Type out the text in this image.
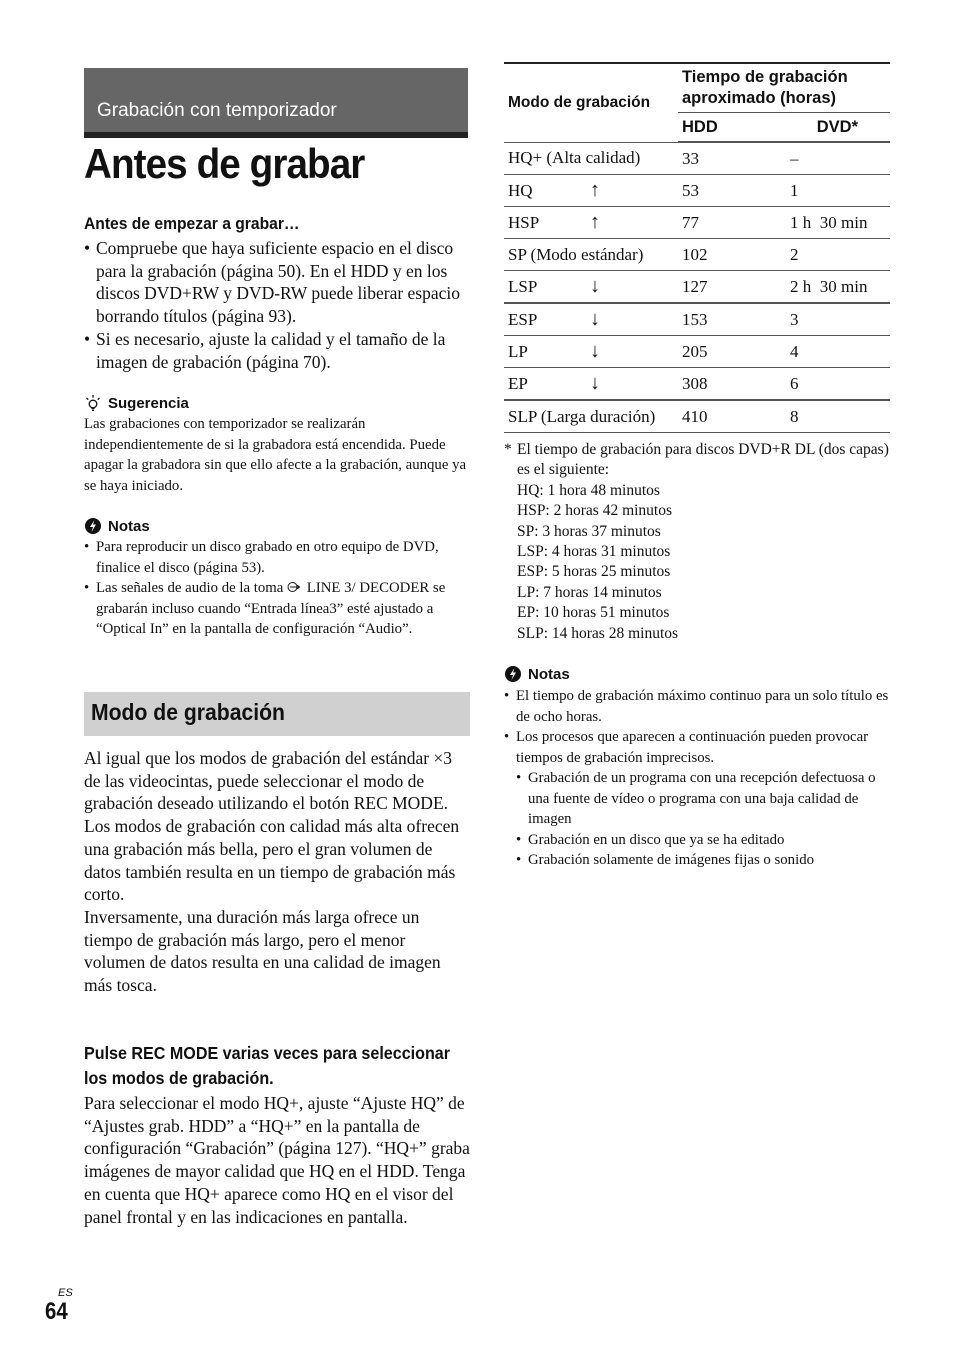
Grabación con temporizador
Antes de grabar
Antes de empezar a grabar…
• Compruebe que haya suficiente espacio en el disco para la grabación (página 50). En el HDD y en los discos DVD+RW y DVD-RW puede liberar espacio borrando títulos (página 93).
• Si es necesario, ajuste la calidad y el tamaño de la imagen de grabación (página 70).
Sugerencia
Las grabaciones con temporizador se realizarán independientemente de si la grabadora está encendida. Puede apagar la grabadora sin que ello afecte a la grabación, aunque ya se haya iniciado.
Notas
• Para reproducir un disco grabado en otro equipo de DVD, finalice el disco (página 53).
• Las señales de audio de la toma  LINE 3/ DECODER se grabarán incluso cuando “Entrada línea3” esté ajustado a “Optical In” en la pantalla de configuración “Audio”.
Modo de grabación

Al igual que los modos de grabación del estándar ×3 de las videocintas, puede seleccionar el modo de grabación deseado utilizando el botón REC MODE.

Los modos de grabación con calidad más alta ofrecen una grabación más bella, pero el gran volumen de datos también resulta en un tiempo de grabación más corto.

Inversamente, una duración más larga ofrece un tiempo de grabación más largo, pero el menor volumen de datos resulta en una calidad de imagen más tosca.

Pulse REC MODE varias veces para seleccionar los modos de grabación.
Para seleccionar el modo HQ+, ajuste “Ajuste HQ” de “Ajustes grab. HDD” a “HQ+” en la pantalla de configuración “Grabación” (página 127). “HQ+” graba imágenes de mayor calidad que HQ en el HDD. Tenga en cuenta que HQ+ aparece como HQ en el visor del panel frontal y en las indicaciones en pantalla.
ES
64
Modo de grabación	Tiempo de grabación aproximado (horas)	
	HDD	DVD*
HQ+ (Alta calidad)	33	–
HQ ↑	53	1
HSP ↑	77	1 h  30 min
SP (Modo estándar)	102	2
LSP ↓	127	2 h  30 min
ESP ↓	153	3
LP ↓	205	4
EP ↓	308	6
SLP (Larga duración)	410	8
* El tiempo de grabación para discos DVD+R DL (dos capas) es el siguiente:
HQ: 1 hora 48 minutos
HSP: 2 horas 42 minutos
SP: 3 horas 37 minutos
LSP: 4 horas 31 minutos
ESP: 5 horas 25 minutos
LP: 7 horas 14 minutos
EP: 10 horas 51 minutos
SLP: 14 horas 28 minutos
Notas
• El tiempo de grabación máximo continuo para un solo título es de ocho horas.
• Los procesos que aparecen a continuación pueden provocar tiempos de grabación imprecisos.
• Grabación de un programa con una recepción defectuosa o una fuente de vídeo o programa con una baja calidad de imagen
• Grabación en un disco que ya se ha editado
• Grabación solamente de imágenes fijas o sonido
